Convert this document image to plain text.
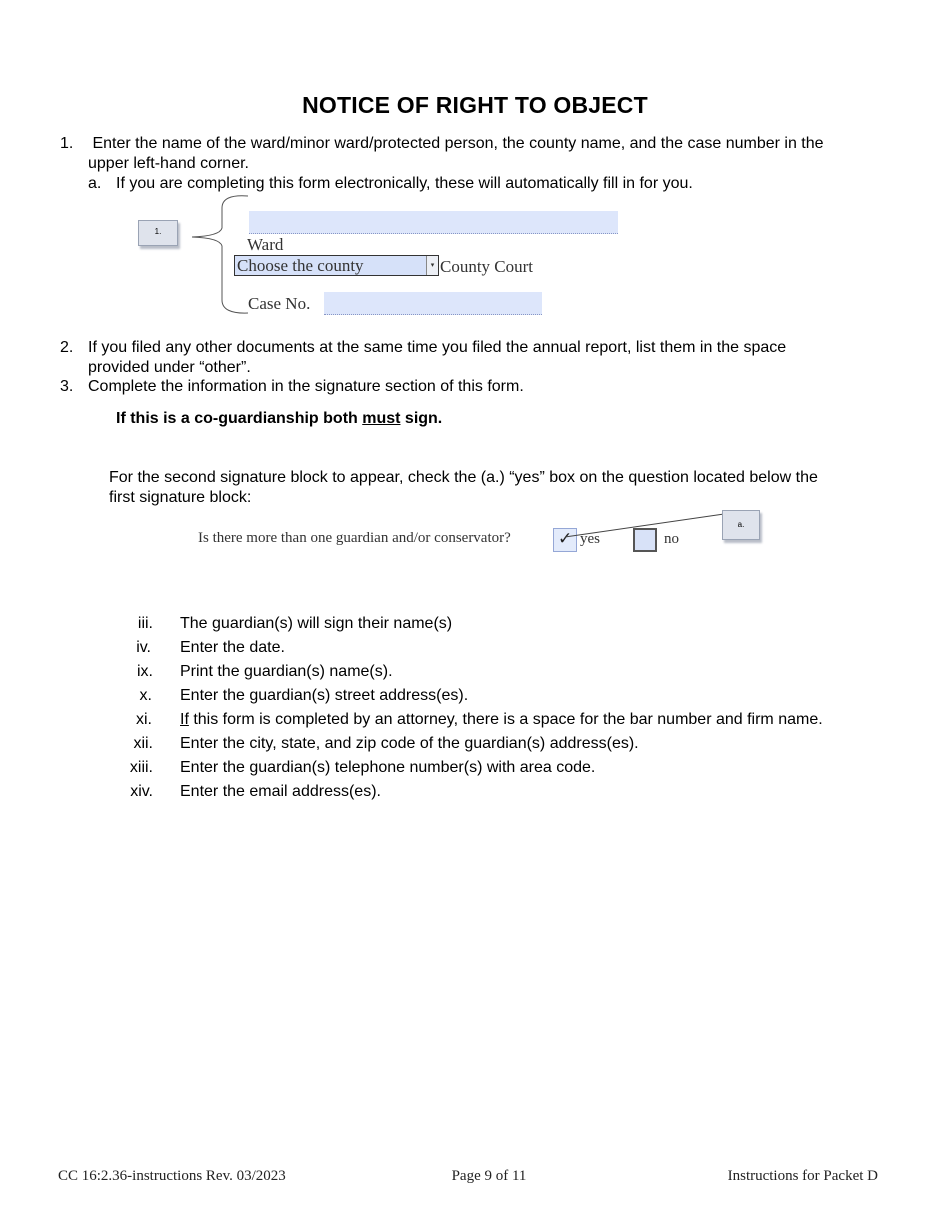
NOTICE OF RIGHT TO OBJECT
1. Enter the name of the ward/minor ward/protected person, the county name, and the case number in the
upper left-hand corner.
a. If you are completing this form electronically, these will automatically fill in for you.
1.
Ward
Choose the county	▾ County Court
Case No.
2. If you filed any other documents at the same time you filed the annual report, list them in the space
provided under “other”.
3. Complete the information in the signature section of this form.
If this is a co-guardianship both must sign.
For the second signature block to appear, check the (a.) “yes” box on the question located below the
first signature block:
Is there more than one guardian and/or conservator?	✓ yes	no
a.
iii. The guardian(s) will sign their name(s)
iv. Enter the date.
ix. Print the guardian(s) name(s).
x. Enter the guardian(s) street address(es).
xi. If this form is completed by an attorney, there is a space for the bar number and firm name.
xii. Enter the city, state, and zip code of the guardian(s) address(es).
xiii. Enter the guardian(s) telephone number(s) with area code.
xiv. Enter the email address(es).
CC 16:2.36-instructions Rev. 03/2023	Page 9 of 11	Instructions for Packet D
